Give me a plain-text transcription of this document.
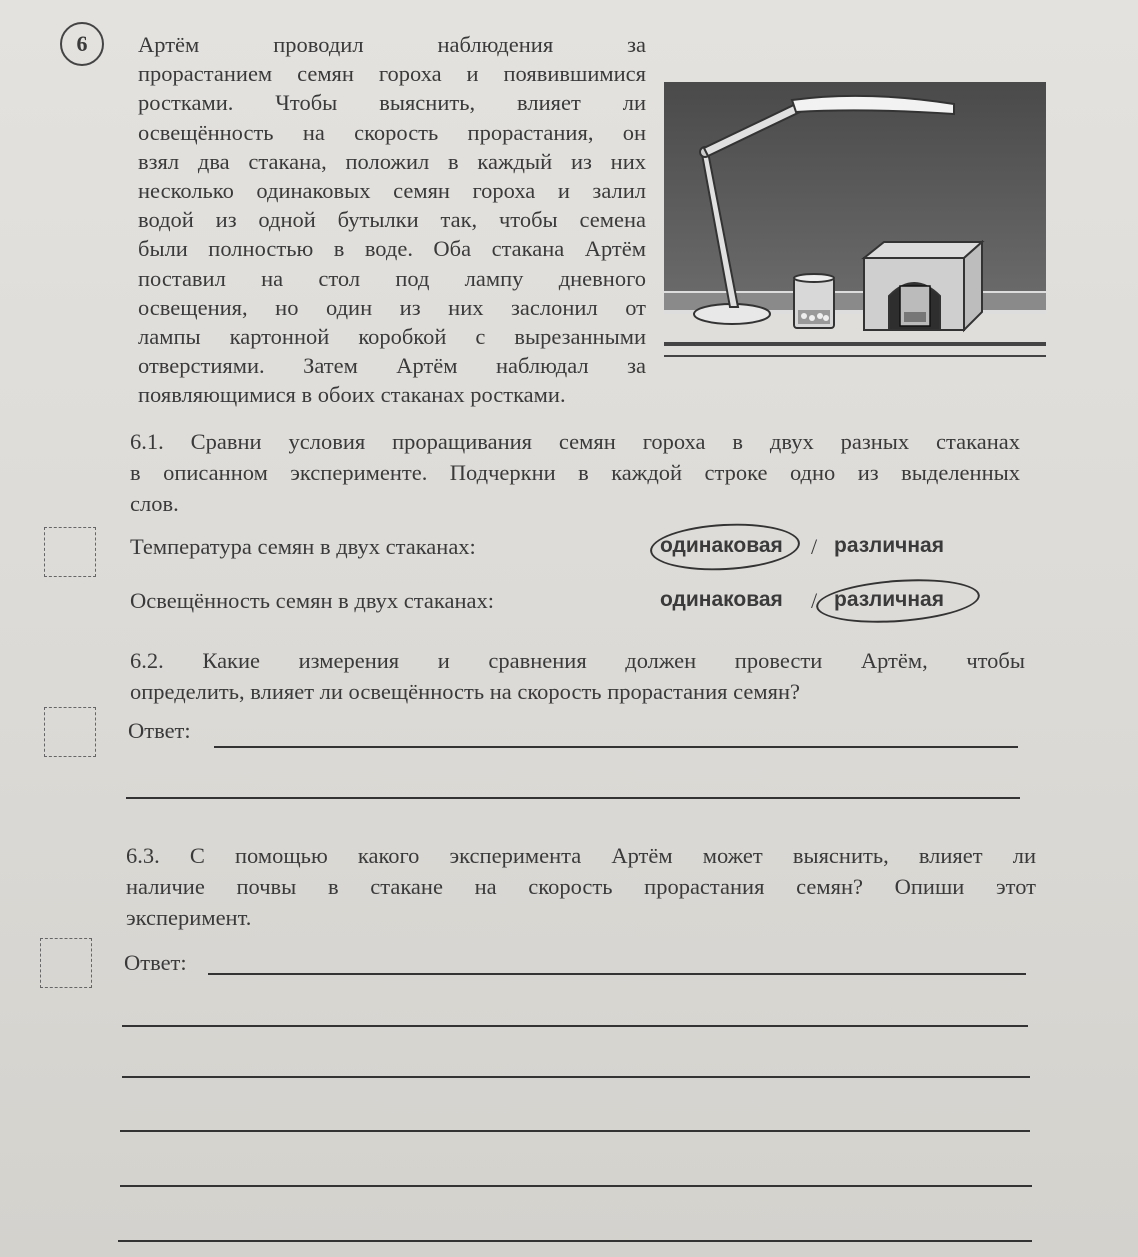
6	Артём проводил наблюдения за
прорастанием семян гороха и появившимися
ростками. Чтобы выяснить, влияет ли
освещённость на скорость прорастания, он
взял два стакана, положил в каждый из них
несколько одинаковых семян гороха и залил
водой из одной бутылки так, чтобы семена
были полностью в воде. Оба стакана Артём
поставил на стол под лампу дневного
освещения, но один из них заслонил от
лампы картонной коробкой с вырезанными
отверстиями. Затем Артём наблюдал за
появляющимися в обоих стаканах ростками.
6.1. Сравни условия проращивания семян гороха в двух разных стаканах
в описанном эксперименте. Подчеркни в каждой строке одно из выделенных
слов.
Температура семян в двух стаканах:	одинаковая / различная
Освещённость семян в двух стаканах:	одинаковая / различная
6.2. Какие измерения и сравнения должен провести Артём, чтобы
определить, влияет ли освещённость на скорость прорастания семян?
Ответ:
6.3. С помощью какого эксперимента Артём может выяснить, влияет ли
наличие почвы в стакане на скорость прорастания семян? Опиши этот
эксперимент.
Ответ:
